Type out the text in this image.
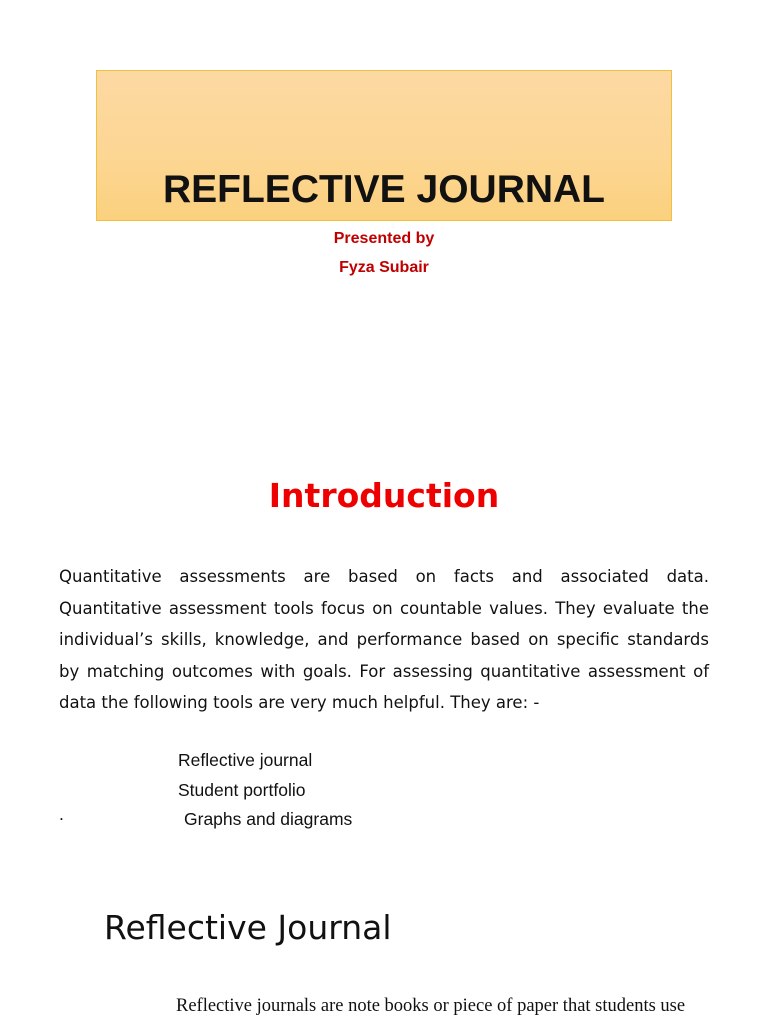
REFLECTIVE JOURNAL
Presented by
Fyza Subair
Introduction
Quantitative assessments are based on facts and associated data. Quantitative assessment tools focus on countable values. They evaluate the individual’s skills, knowledge, and performance based on specific standards by matching outcomes with goals. For assessing quantitative assessment of data the following tools are very much helpful. They are: -
Reflective journal
Student portfolio
Graphs and diagrams
.
Reflective Journal
Reflective journals are note books or piece of paper that students use
